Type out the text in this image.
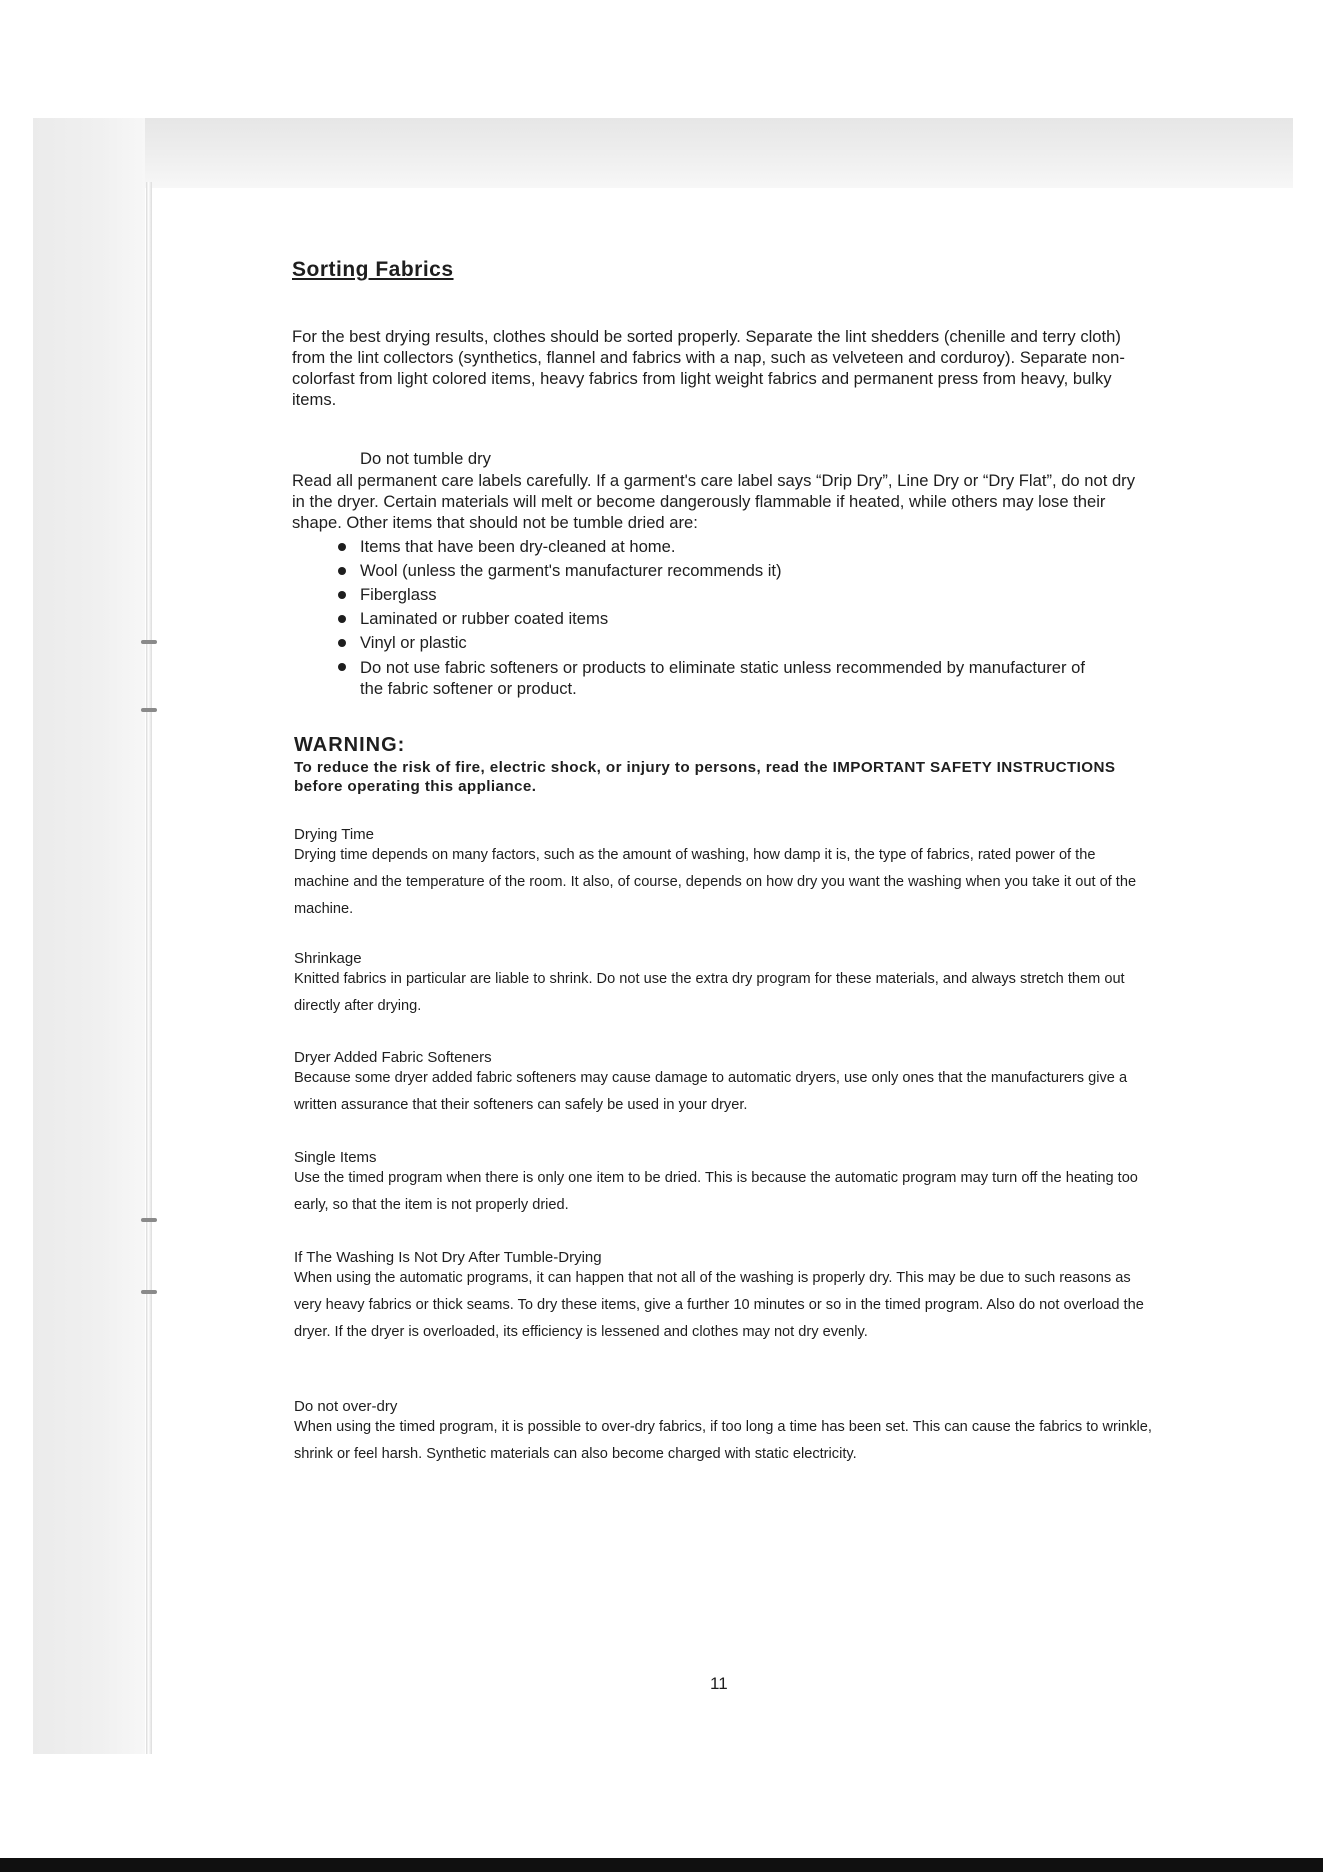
Sorting Fabrics

For the best drying results, clothes should be sorted properly. Separate the lint shedders (chenille and terry cloth) from the lint collectors (synthetics, flannel and fabrics with a nap, such as velveteen and corduroy). Separate non-colorfast from light colored items, heavy fabrics from light weight fabrics and permanent press from heavy, bulky items.

Do not tumble dry

Read all permanent care labels carefully. If a garment's care label says “Drip Dry”, Line Dry or “Dry Flat”, do not dry in the dryer. Certain materials will melt or become dangerously flammable if heated, while others may lose their shape. Other items that should not be tumble dried are:

Items that have been dry-cleaned at home.
Wool (unless the garment's manufacturer recommends it)
Fiberglass
Laminated or rubber coated items
Vinyl or plastic
Do not use fabric softeners or products to eliminate static unless recommended by manufacturer of the fabric softener or product.

WARNING:

To reduce the risk of fire, electric shock, or injury to persons, read the IMPORTANT SAFETY INSTRUCTIONS before operating this appliance.

Drying Time

Drying time depends on many factors, such as the amount of washing, how damp it is, the type of fabrics, rated power of the machine and the temperature of the room. It also, of course, depends on how dry you want the washing when you take it out of the machine.

Shrinkage

Knitted fabrics in particular are liable to shrink. Do not use the extra dry program for these materials, and always stretch them out directly after drying.

Dryer Added Fabric Softeners

Because some dryer added fabric softeners may cause damage to automatic dryers, use only ones that the manufacturers give a written assurance that their softeners can safely be used in your dryer.

Single Items

Use the timed program when there is only one item to be dried. This is because the automatic program may turn off the heating too early, so that the item is not properly dried.

If The Washing Is Not Dry After Tumble-Drying

When using the automatic programs, it can happen that not all of the washing is properly dry. This may be due to such reasons as very heavy fabrics or thick seams. To dry these items, give a further 10 minutes or so in the timed program. Also do not overload the dryer. If the dryer is overloaded, its efficiency is lessened and clothes may not dry evenly.

Do not over-dry

When using the timed program, it is possible to over-dry fabrics, if too long a time has been set. This can cause the fabrics to wrinkle, shrink or feel harsh. Synthetic materials can also become charged with static electricity.

11
